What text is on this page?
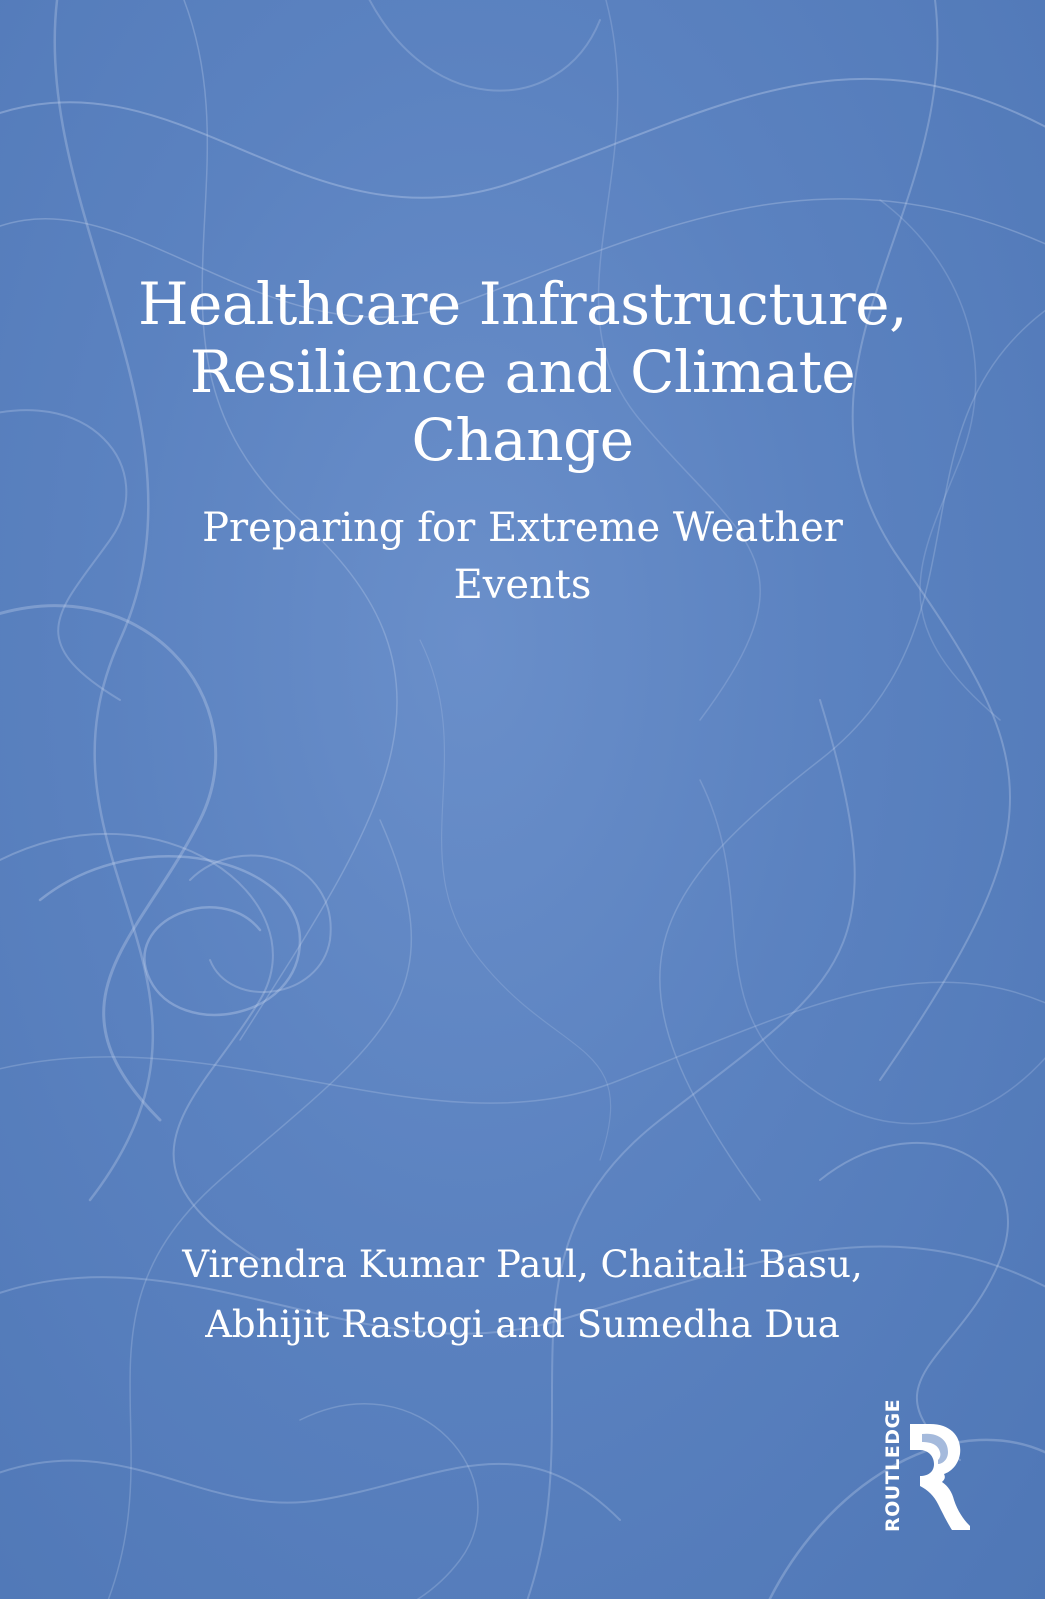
Healthcare Infrastructure,
Resilience and Climate
Change
Preparing for Extreme Weather
Events

Virendra Kumar Paul, Chaitali Basu,
Abhijit Rastogi and Sumedha Dua

ROUTLEDGE
